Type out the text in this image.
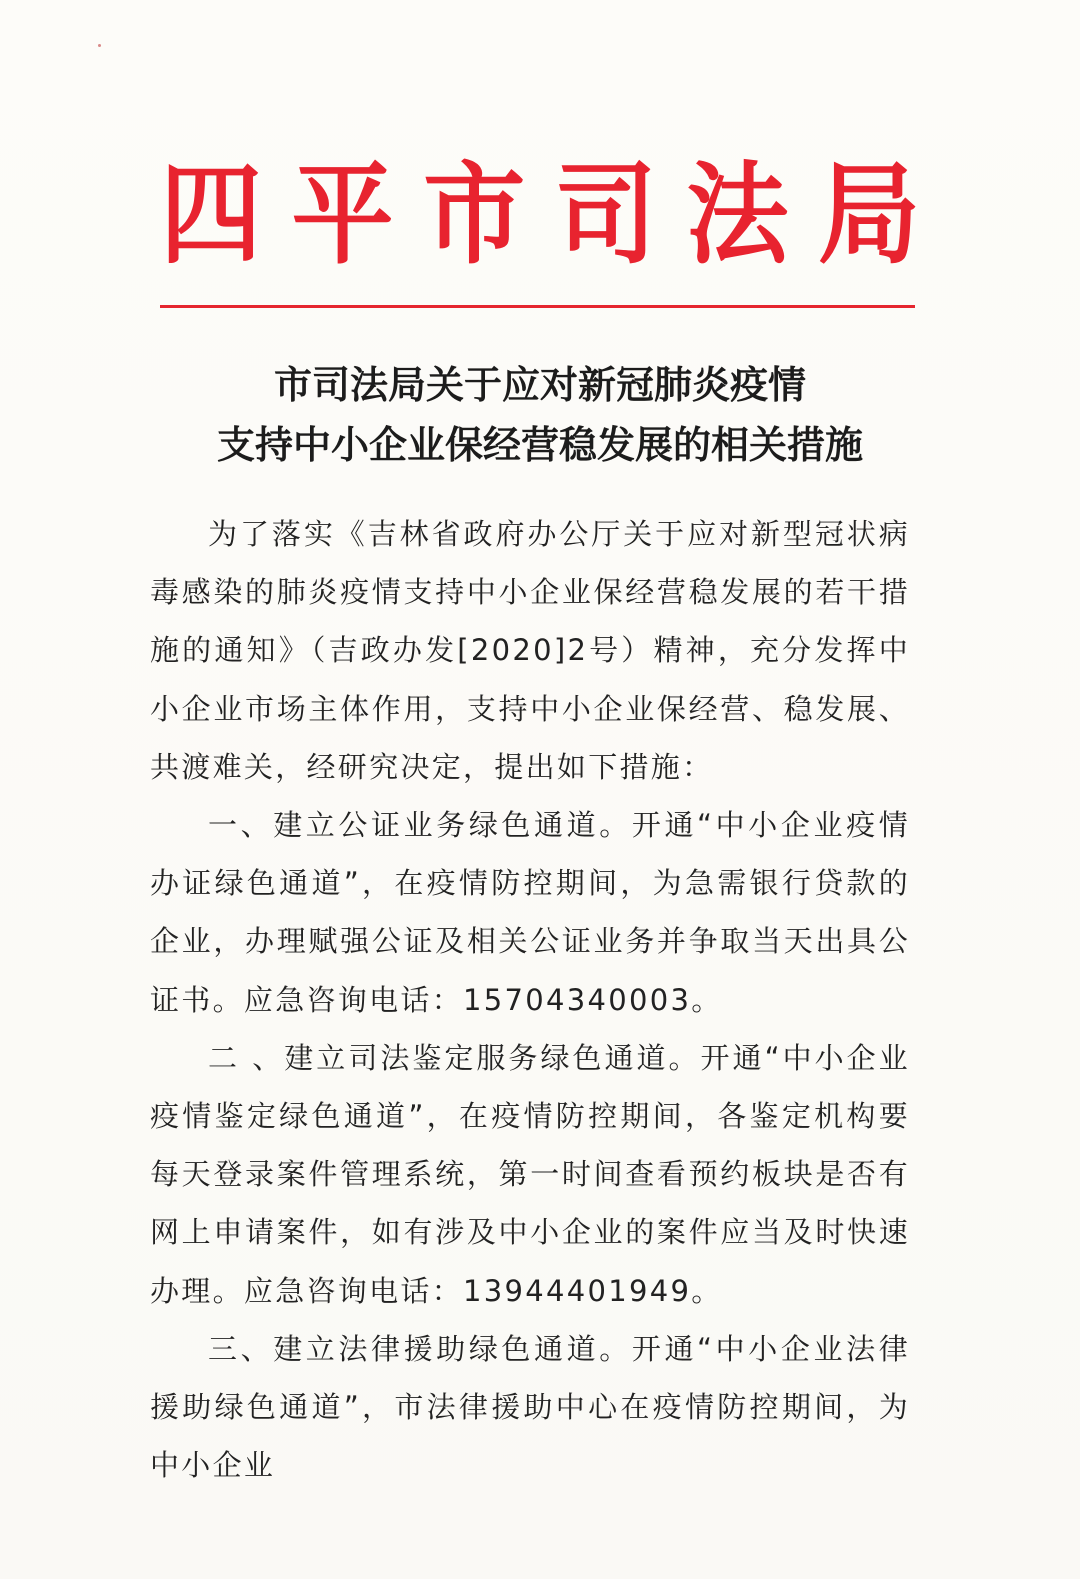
四 平 市 司 法 局
市司法局关于应对新冠肺炎疫情
支持中小企业保经营稳发展的相关措施

为了落实《吉林省政府办公厅关于应对新型冠状病毒感染的肺炎疫情支持中小企业保经营稳发展的若干措施的通知》（吉政办发[2020]2号）精神，充分发挥中小企业市场主体作用，支持中小企业保经营、稳发展、共渡难关，经研究决定，提出如下措施：

一、建立公证业务绿色通道。开通“中小企业疫情办证绿色通道”，在疫情防控期间，为急需银行贷款的企业，办理赋强公证及相关公证业务并争取当天出具公证书。应急咨询电话：15704340003。

二 、建立司法鉴定服务绿色通道。开通“中小企业疫情鉴定绿色通道”，在疫情防控期间，各鉴定机构要每天登录案件管理系统，第一时间查看预约板块是否有网上申请案件，如有涉及中小企业的案件应当及时快速办理。应急咨询电话：13944401949。

三、建立法律援助绿色通道。开通“中小企业法律援助绿色通道”，市法律援助中心在疫情防控期间，为中小企业
